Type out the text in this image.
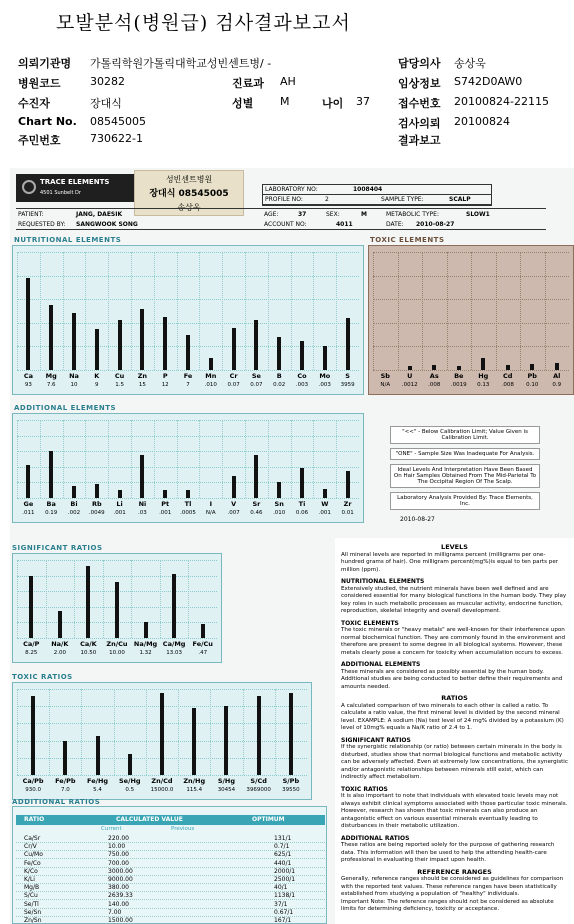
모발분석(병원급) 검사결과보고서
의뢰기관명 가톨릭학원가톨릭대학교성빈센트병/ -	담당의사 송상욱
병원코드	30282	진료과 AH	임상정보 S742D0AW0
수진자	장대식	성별 M	나이 37	접수번호 20100824-22115
Chart No. 08545005	검사의뢰 20100824
주민번호	730622-1	결과보고
TRACE ELEMENTS
4501 Sunbelt Dr
성빈센트병원
장대식 08545005
송상욱
LABORATORY NO:	1008404
PROFILE NO:	2	SAMPLE TYPE:	SCALP
PATIENT:	JANG, DAESIK	AGE:	37	SEX:	M	METABOLIC TYPE:	SLOW1
REQUESTED BY: SANGWOOK SONG	ACCOUNT NO:	4011	DATE: 2010-08-27
NUTRITIONAL ELEMENTS
Ca
93
Mg
7.6
Na
10
K
9
Cu
1.5
Zn
15
P
12
Fe
7
Mn
.010
Cr
0.07
Se
0.07
B
0.02
Co
.003
Mo
.003
S
3959
TOXIC ELEMENTS
Sb
N/A
U
.0012
As
.008
Be
.0019
Hg
0.13
Cd
.008
Pb
0.10
Al
0.9
ADDITIONAL ELEMENTS
Ge
.011
Ba
0.19
Bi
.002
Rb
.0049
Li
.001
Ni
.03
Pt
.001
Tl
.0005
I
N/A
V
.007
Sr
0.46
Sn
.010
Ti
0.06
W
.001
Zr
0.01
"<<" - Below Calibration Limit; Value Given is Calibration Limit.
"ONE" - Sample Size Was Inadequate For Analysis.
Ideal Levels And Interpretation Have Been Based On Hair Samples Obtained From The Mid-Parietal To The Occipital Region Of The Scalp.
Laboratory Analysis Provided By: Trace Elements, Inc.
2010-08-27
SIGNIFICANT RATIOS
Ca/P
8.25
Na/K
2.00
Ca/K
10.50
Zn/Cu
10.00
Na/Mg
1.32
Ca/Mg
13.03
Fe/Cu
.47
TOXIC RATIOS
Ca/Pb
930.0
Fe/Pb
7.0
Fe/Hg
5.4
Se/Hg
0.5
Zn/Cd
15000.0
Zn/Hg
115.4
S/Hg
30454
S/Cd
3969000
S/Pb
39550
ADDITIONAL RATIOS
RATIO	CALCULATED VALUE	OPTIMUM
Current	Previous
Ca/Sr	220.00	131/1
Cr/V	10.00	0.7/1
Cu/Mo	750.00	625/1
Fe/Co	700.00	440/1
K/Co	3000.00	2000/1
K/Li	9000.00	2500/1
Mg/B	380.00	40/1
S/Cu	2639.33	1138/1
Se/Tl	140.00	37/1
Se/Sn	7.00	0.67/1
Zn/Sn	1500.00	167/1
LEVELS

All mineral levels are reported in milligrams percent (milligrams per one-hundred grams of hair). One milligram percent(mg%)is equal to ten parts per million (ppm).

NUTRITIONAL ELEMENTS

Extensively studied, the nutrient minerals have been well defined and are considered essential for many biological functions in the human body. They play key roles in such metabolic processes as muscular activity, endocrine function, reproduction, skeletal integrity and overall development.

TOXIC ELEMENTS

The toxic minerals or "heavy metals" are well-known for their interference upon normal biochemical function. They are commonly found in the environment and therefore are present to some degree in all biological systems. However, these metals clearly pose a concern for toxicity when accumulation occurs to excess.

ADDITIONAL ELEMENTS

These minerals are considered as possibly essential by the human body. Additional studies are being conducted to better define their requirements and amounts needed.

RATIOS

A calculated comparison of two minerals to each other is called a ratio. To calculate a ratio value, the first mineral level is divided by the second mineral level. EXAMPLE: A sodium (Na) test level of 24 mg% divided by a potassium (K) level of 10mg% equals a Na/K ratio of 2.4 to 1.

SIGNIFICANT RATIOS

If the synergistic relationship (or ratio) between certain minerals in the body is disturbed, studies show that normal biological functions and metabolic activity can be adversely affected. Even at extremely low concentrations, the synergistic and/or antagonistic relationships between minerals still exist, which can indirectly affect metabolism.

TOXIC RATIOS

It is also important to note that individuals with elevated toxic levels may not always exhibit clinical symptoms associated with those particular toxic minerals. However, research has shown that toxic minerals can also produce an antagonistic effect on various essential minerals eventually leading to disturbances in their metabolic utilization.

ADDITIONAL RATIOS

These ratios are being reported solely for the purpose of gathering research data. This information will then be used to help the attending health-care professional in evaluating their impact upon health.

REFERENCE RANGES

Generally, reference ranges should be considered as guidelines for comparison with the reported test values. These reference ranges have been statistically established from studying a population of "healthy" individuals.

Important Note: The reference ranges should not be considered as absolute limits for determining deficiency, toxicity or acceptance.
